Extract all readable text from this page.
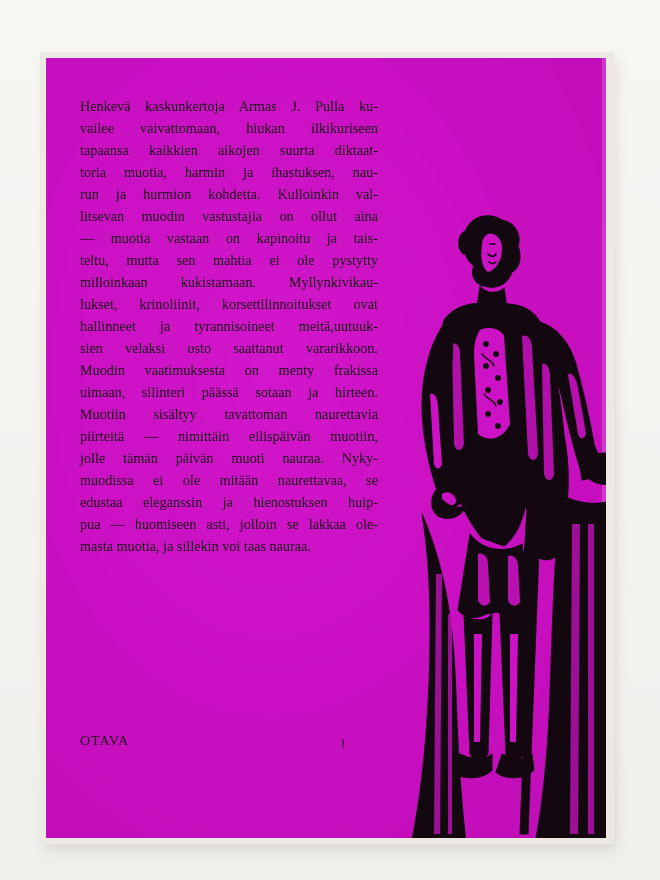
Henkevä kaskunkertoja Armas J. Pulla ku-
vailee vaivattomaan, hiukan ilkikuriseen
tapaansa kaikkien aikojen suurta diktaat-
toria muotia, harmin ja ihastuksen, nau-
run ja hurmion kohdetta. Kulloinkin val-
litsevan muodin vastustajia on ollut aina
— muotia vastaan on kapinoitu ja tais-
teltu, mutta sen mahtia ei ole pystytty
milloinkaan kukistamaan. Myllynkivikau-
lukset, krinoliinit, korsettilinnoitukset ovat
hallinneet ja tyrannisoineet meitä,uutuuk-
sien velaksi osto saattanut vararikkoon.
Muodin vaatimuksesta on menty frakissa
uimaan, silinteri päässä sotaan ja hirteen.
Muotiin sisältyy tavattoman naurettavia
piirteitä — nimittäin eilispäivän muotiin,
jolle tämän päivän muoti nauraa. Nyky-
muodissa ei ole mitään naurettavaa, se
edustaa eleganssin ja hienostuksen huip-
pua — huomiseen asti, jolloin se lakkaa ole-
masta muotia, ja sillekin voi taas nauraa.

OTAVA	1
